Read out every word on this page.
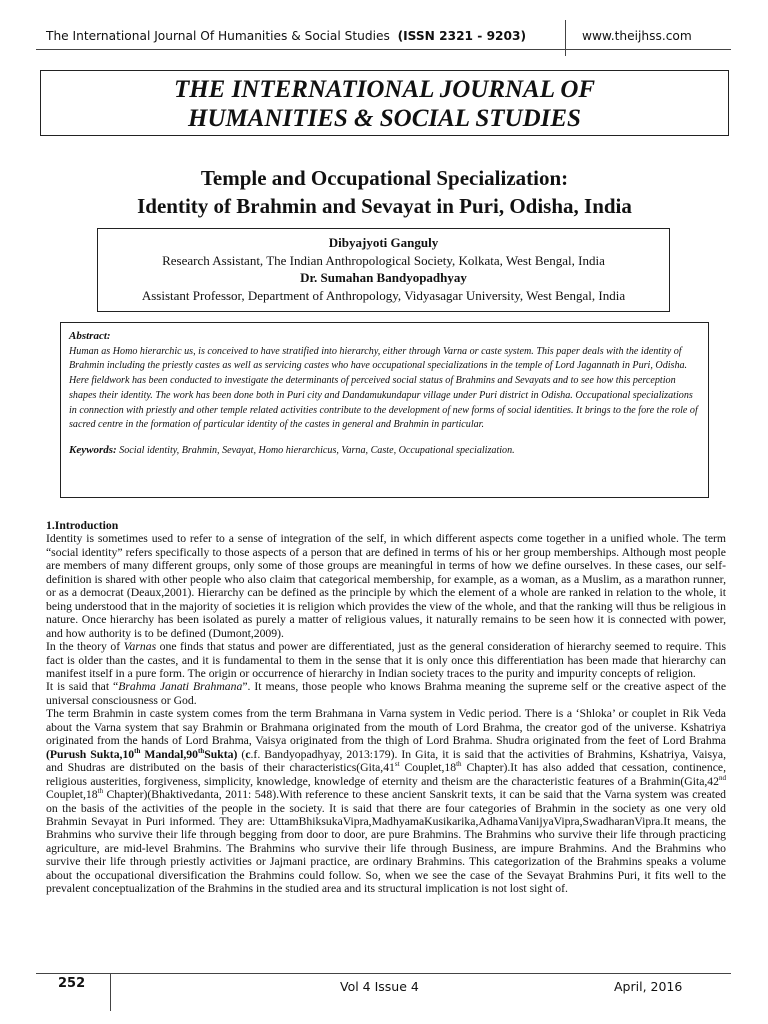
The International Journal Of Humanities & Social Studies (ISSN 2321 - 9203)	www.theijhss.com
THE INTERNATIONAL JOURNAL OF
HUMANITIES & SOCIAL STUDIES
Temple and Occupational Specialization:
Identity of Brahmin and Sevayat in Puri, Odisha, India
Dibyajyoti Ganguly
Research Assistant, The Indian Anthropological Society, Kolkata, West Bengal, India
Dr. Sumahan Bandyopadhyay
Assistant Professor, Department of Anthropology, Vidyasagar University, West Bengal, India
Abstract:
Human as Homo hierarchic us, is conceived to have stratified into hierarchy, either through Varna or caste system. This paper deals with the identity of Brahmin including the priestly castes as well as servicing castes who have occupational specializations in the temple of Lord Jagannath in Puri, Odisha. Here fieldwork has been conducted to investigate the determinants of perceived social status of Brahmins and Sevayats and to see how this perception shapes their identity. The work has been done both in Puri city and Dandamukundapur village under Puri district in Odisha. Occupational specializations in connection with priestly and other temple related activities contribute to the development of new forms of social identities. It brings to the fore the role of sacred centre in the formation of particular identity of the castes in general and Brahmin in particular.
Keywords: Social identity, Brahmin, Sevayat, Homo hierarchicus, Varna, Caste, Occupational specialization.
1.Introduction

Identity is sometimes used to refer to a sense of integration of the self, in which different aspects come together in a unified whole. The term “social identity” refers specifically to those aspects of a person that are defined in terms of his or her group memberships. Although most people are members of many different groups, only some of those groups are meaningful in terms of how we define ourselves. In these cases, our self-definition is shared with other people who also claim that categorical membership, for example, as a woman, as a Muslim, as a marathon runner, or as a democrat (Deaux,2001). Hierarchy can be defined as the principle by which the element of a whole are ranked in relation to the whole, it being understood that in the majority of societies it is religion which provides the view of the whole, and that the ranking will thus be religious in nature. Once hierarchy has been isolated as purely a matter of religious values, it naturally remains to be seen how it is connected with power, and how authority is to be defined (Dumont,2009).

In the theory of Varnas one finds that status and power are differentiated, just as the general consideration of hierarchy seemed to require. This fact is older than the castes, and it is fundamental to them in the sense that it is only once this differentiation has been made that hierarchy can manifest itself in a pure form. The origin or occurrence of hierarchy in Indian society traces to the purity and impurity concepts of religion.

It is said that “Brahma Janati Brahmana”. It means, those people who knows Brahma meaning the supreme self or the creative aspect of the universal consciousness or God.

The term Brahmin in caste system comes from the term Brahmana in Varna system in Vedic period. There is a ‘Shloka’ or couplet in Rik Veda about the Varna system that say Brahmin or Brahmana originated from the mouth of Lord Brahma, the creator god of the universe. Kshatriya originated from the hands of Lord Brahma, Vaisya originated from the thigh of Lord Brahma. Shudra originated from the feet of Lord Brahma (Purush Sukta,10th Mandal,90thSukta) (c.f. Bandyopadhyay, 2013:179). In Gita, it is said that the activities of Brahmins, Kshatriya, Vaisya, and Shudras are distributed on the basis of their characteristics(Gita,41st Couplet,18th Chapter).It has also added that cessation, continence, religious austerities, forgiveness, simplicity, knowledge, knowledge of eternity and theism are the characteristic features of a Brahmin(Gita,42nd Couplet,18th Chapter)(Bhaktivedanta, 2011: 548).With reference to these ancient Sanskrit texts, it can be said that the Varna system was created on the basis of the activities of the people in the society. It is said that there are four categories of Brahmin in the society as one very old Brahmin Sevayat in Puri informed. They are: UttamBhiksukaVipra,MadhyamaKusikarika,AdhamaVanijyaVipra,SwadharanVipra.It means, the Brahmins who survive their life through begging from door to door, are pure Brahmins. The Brahmins who survive their life through practicing agriculture, are mid-level Brahmins. The Brahmins who survive their life through Business, are impure Brahmins. And the Brahmins who survive their life through priestly activities or Jajmani practice, are ordinary Brahmins. This categorization of the Brahmins speaks a volume about the occupational diversification the Brahmins could follow. So, when we see the case of the Sevayat Brahmins Puri, it fits well to the prevalent conceptualization of the Brahmins in the studied area and its structural implication is not lost sight of.

252	Vol 4 Issue 4	April, 2016
